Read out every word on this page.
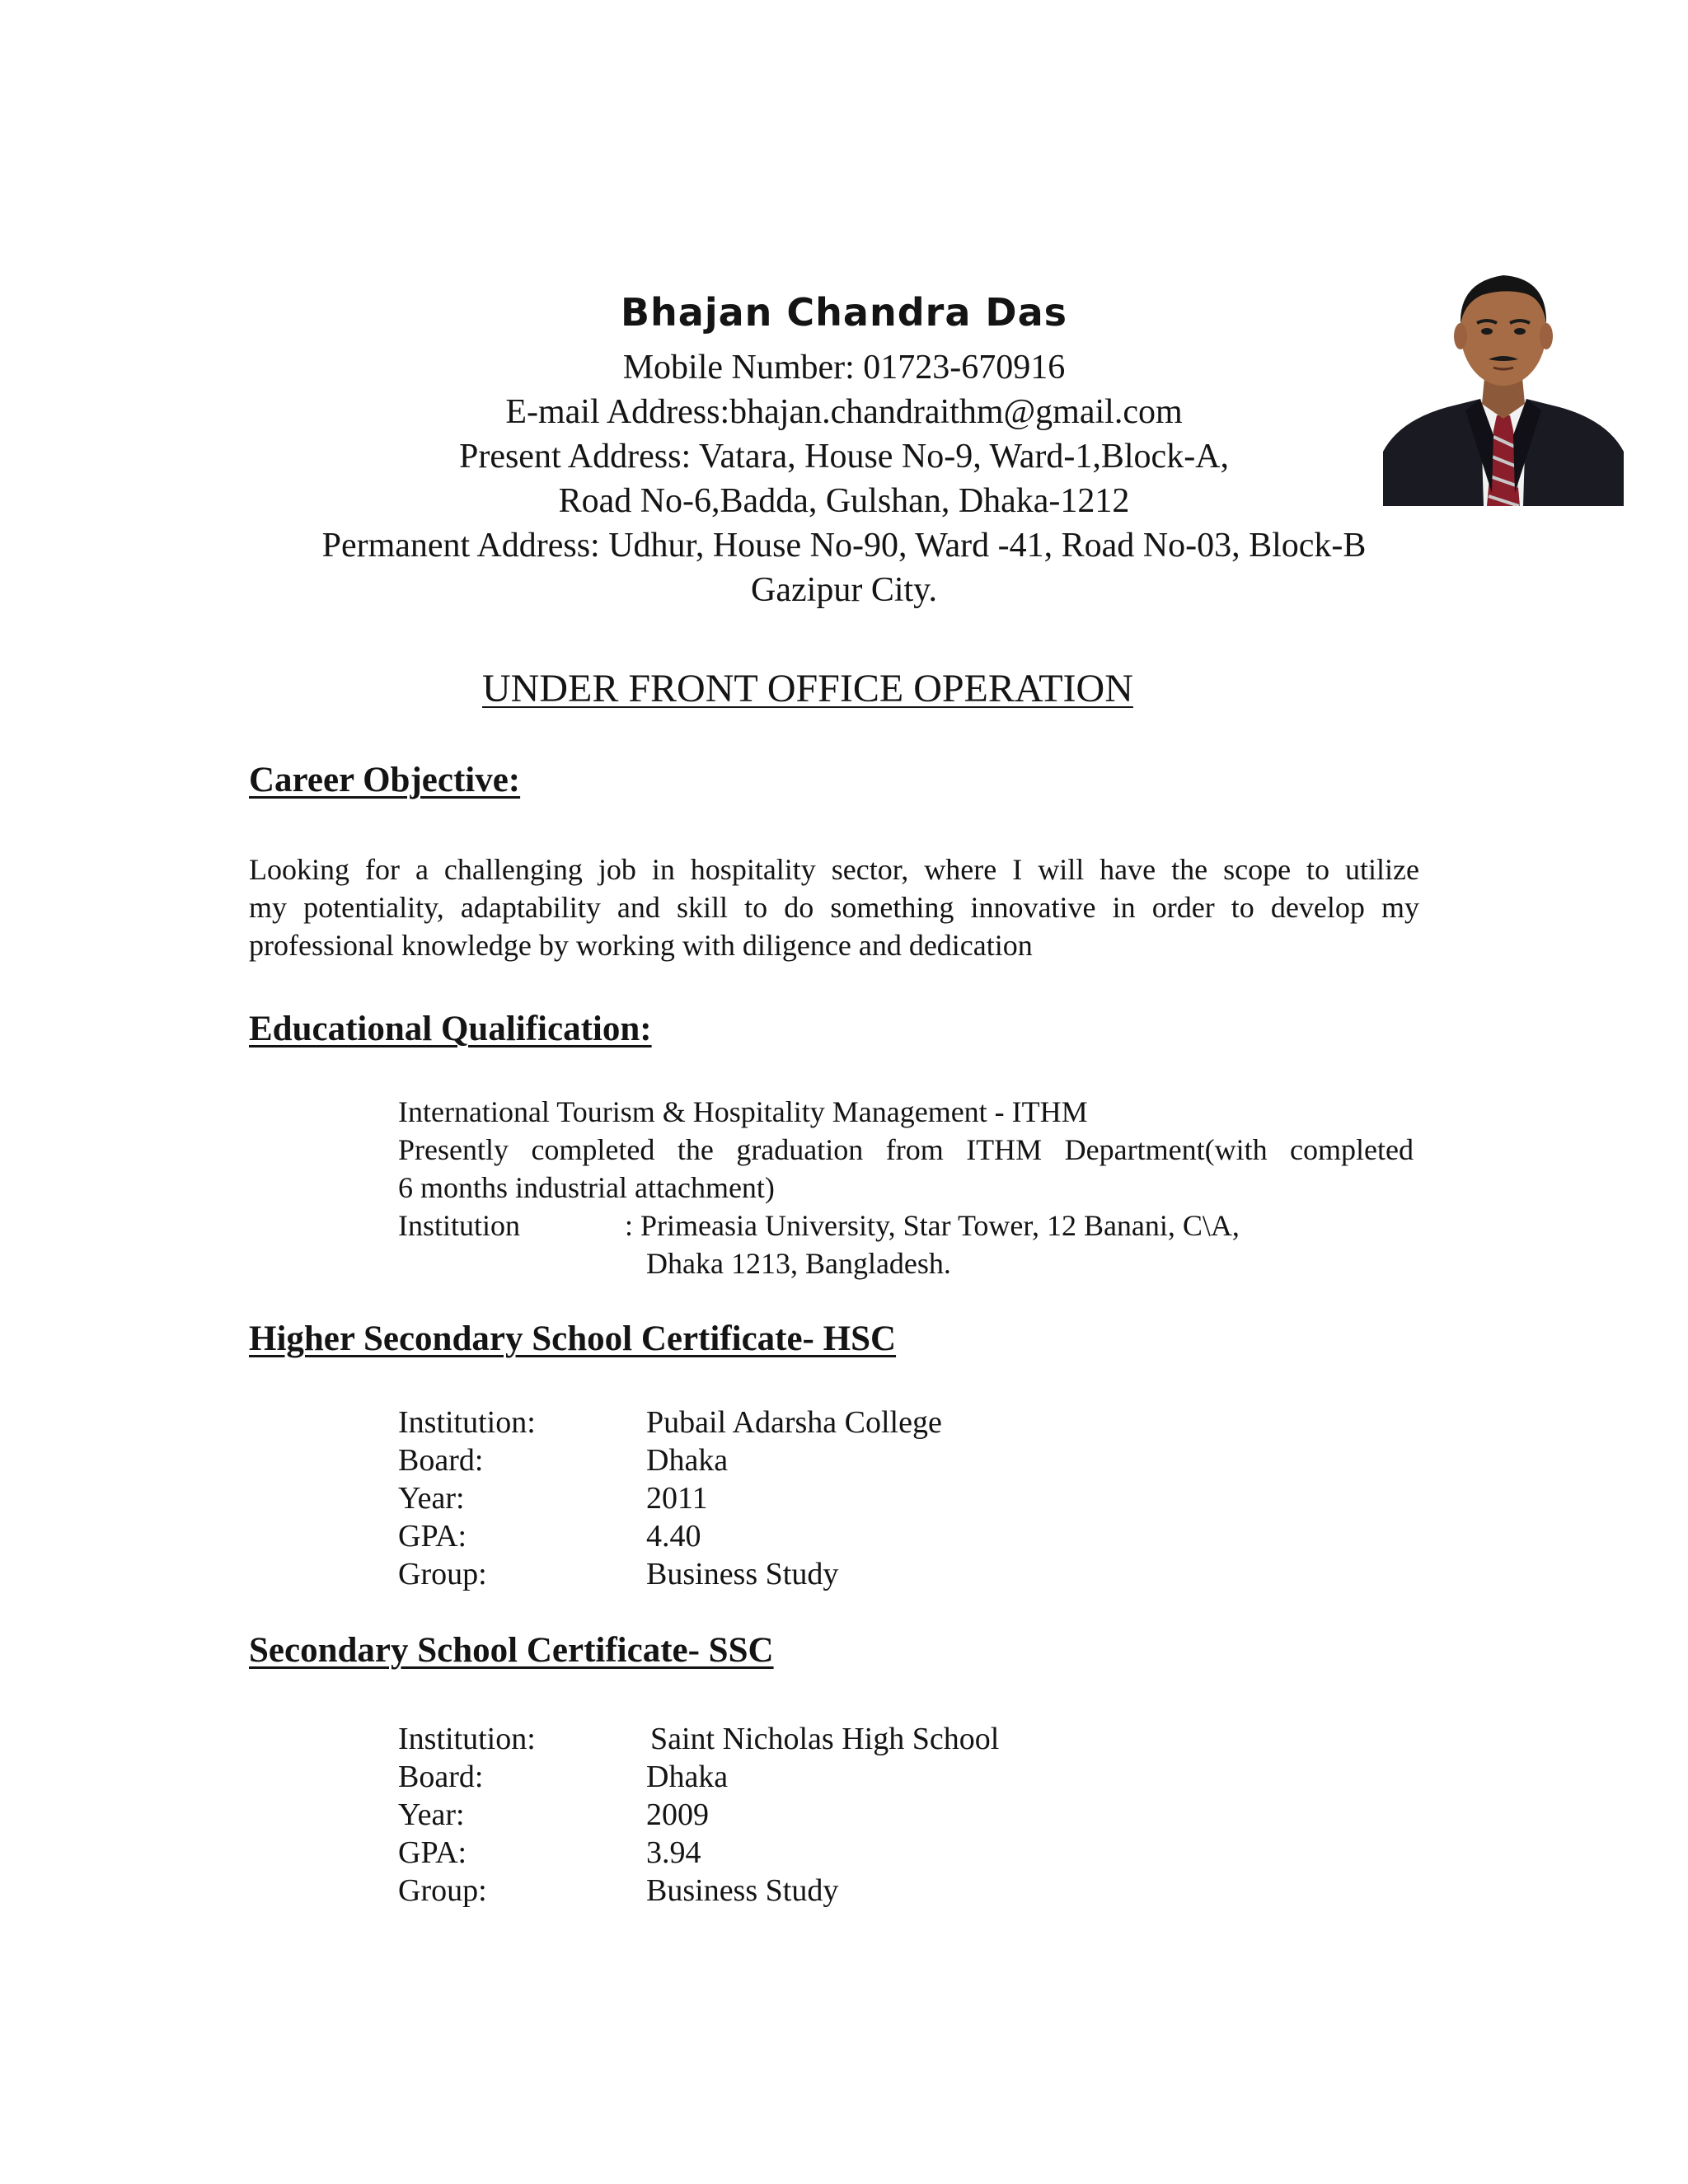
Bhajan Chandra Das
Mobile Number: 01723-670916
E-mail Address:bhajan.chandraithm@gmail.com
Present Address: Vatara, House No-9, Ward-1,Block-A,
Road No-6,Badda, Gulshan, Dhaka-1212
Permanent Address: Udhur, House No-90, Ward -41, Road No-03, Block-B
Gazipur City.
UNDER FRONT OFFICE OPERATION
Career Objective:
Looking for a challenging job in hospitality sector, where I will have the scope to utilize
my potentiality, adaptability and skill to do something innovative in order to develop my
professional knowledge by working with diligence and dedication
Educational Qualification:
International Tourism & Hospitality Management - ITHM
Presently completed the graduation from ITHM Department(with completed
6 months industrial attachment)
Institution	: Primeasia University, Star Tower, 12 Banani, C\A,
Dhaka 1213, Bangladesh.
Higher Secondary School Certificate- HSC
Institution:	Pubail Adarsha College
Board:	Dhaka
Year:	2011
GPA:	4.40
Group:	Business Study
Secondary School Certificate- SSC
Institution:	Saint Nicholas High School
Board:	Dhaka
Year:	2009
GPA:	3.94
Group:	Business Study
